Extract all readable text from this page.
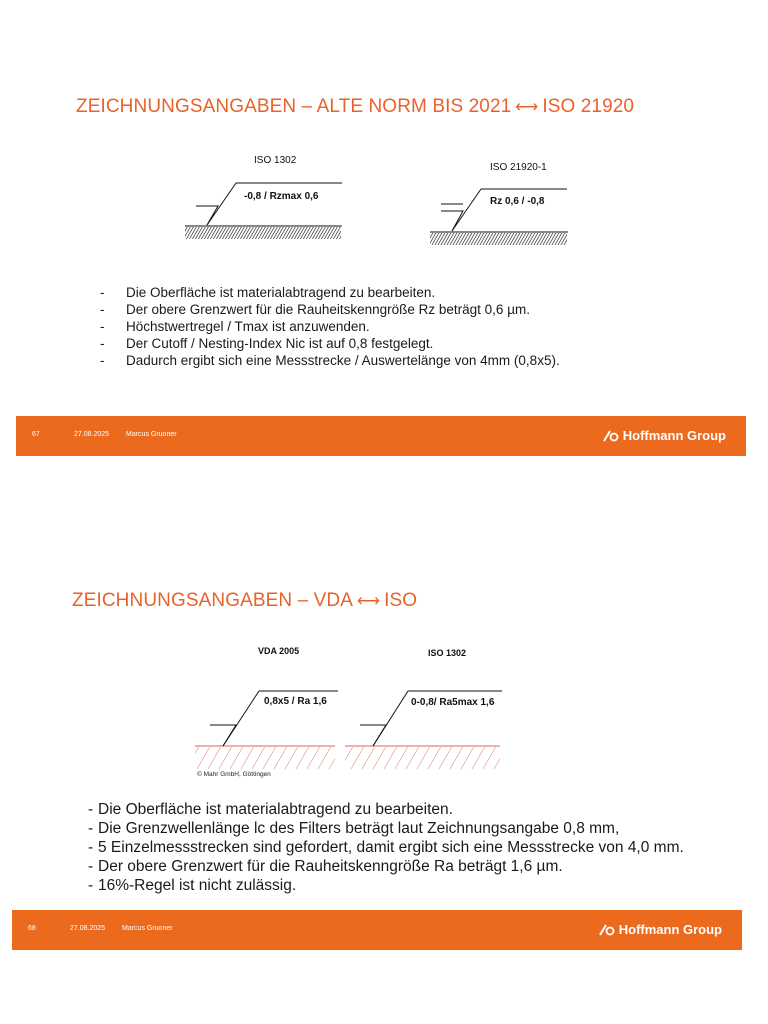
ZEICHNUNGSANGABEN – ALTE NORM BIS 2021 ⟷ ISO 21920
ISO 1302
-0,8 / Rzmax 0,6
ISO 21920-1
Rz 0,6 / -0,8
- Die Oberfläche ist materialabtragend zu bearbeiten.
- Der obere Grenzwert für die Rauheitskenngröße Rz beträgt 0,6 µm.
- Höchstwertregel / Tmax ist anzuwenden.
- Der Cutoff / Nesting-Index Nic ist auf 0,8 festgelegt.
- Dadurch ergibt sich eine Messstrecke / Auswertelänge von 4mm (0,8x5).
67	27.08.2025 Marcus Gruoner	Hoffmann Group
ZEICHNUNGSANGABEN – VDA ⟷ ISO
VDA 2005	ISO 1302
0,8x5 / Ra 1,6	0-0,8/ Ra5max 1,6
© Mahr GmbH, Göttingen
- Die Oberfläche ist materialabtragend zu bearbeiten.
- Die Grenzwellenlänge lc des Filters beträgt laut Zeichnungsangabe 0,8 mm,
- 5 Einzelmessstrecken sind gefordert, damit ergibt sich eine Messstrecke von 4,0 mm.
- Der obere Grenzwert für die Rauheitskenngröße Ra beträgt 1,6 µm.
- 16%-Regel ist nicht zulässig.
68	27.08.2025 Marcus Gruoner	Hoffmann Group
